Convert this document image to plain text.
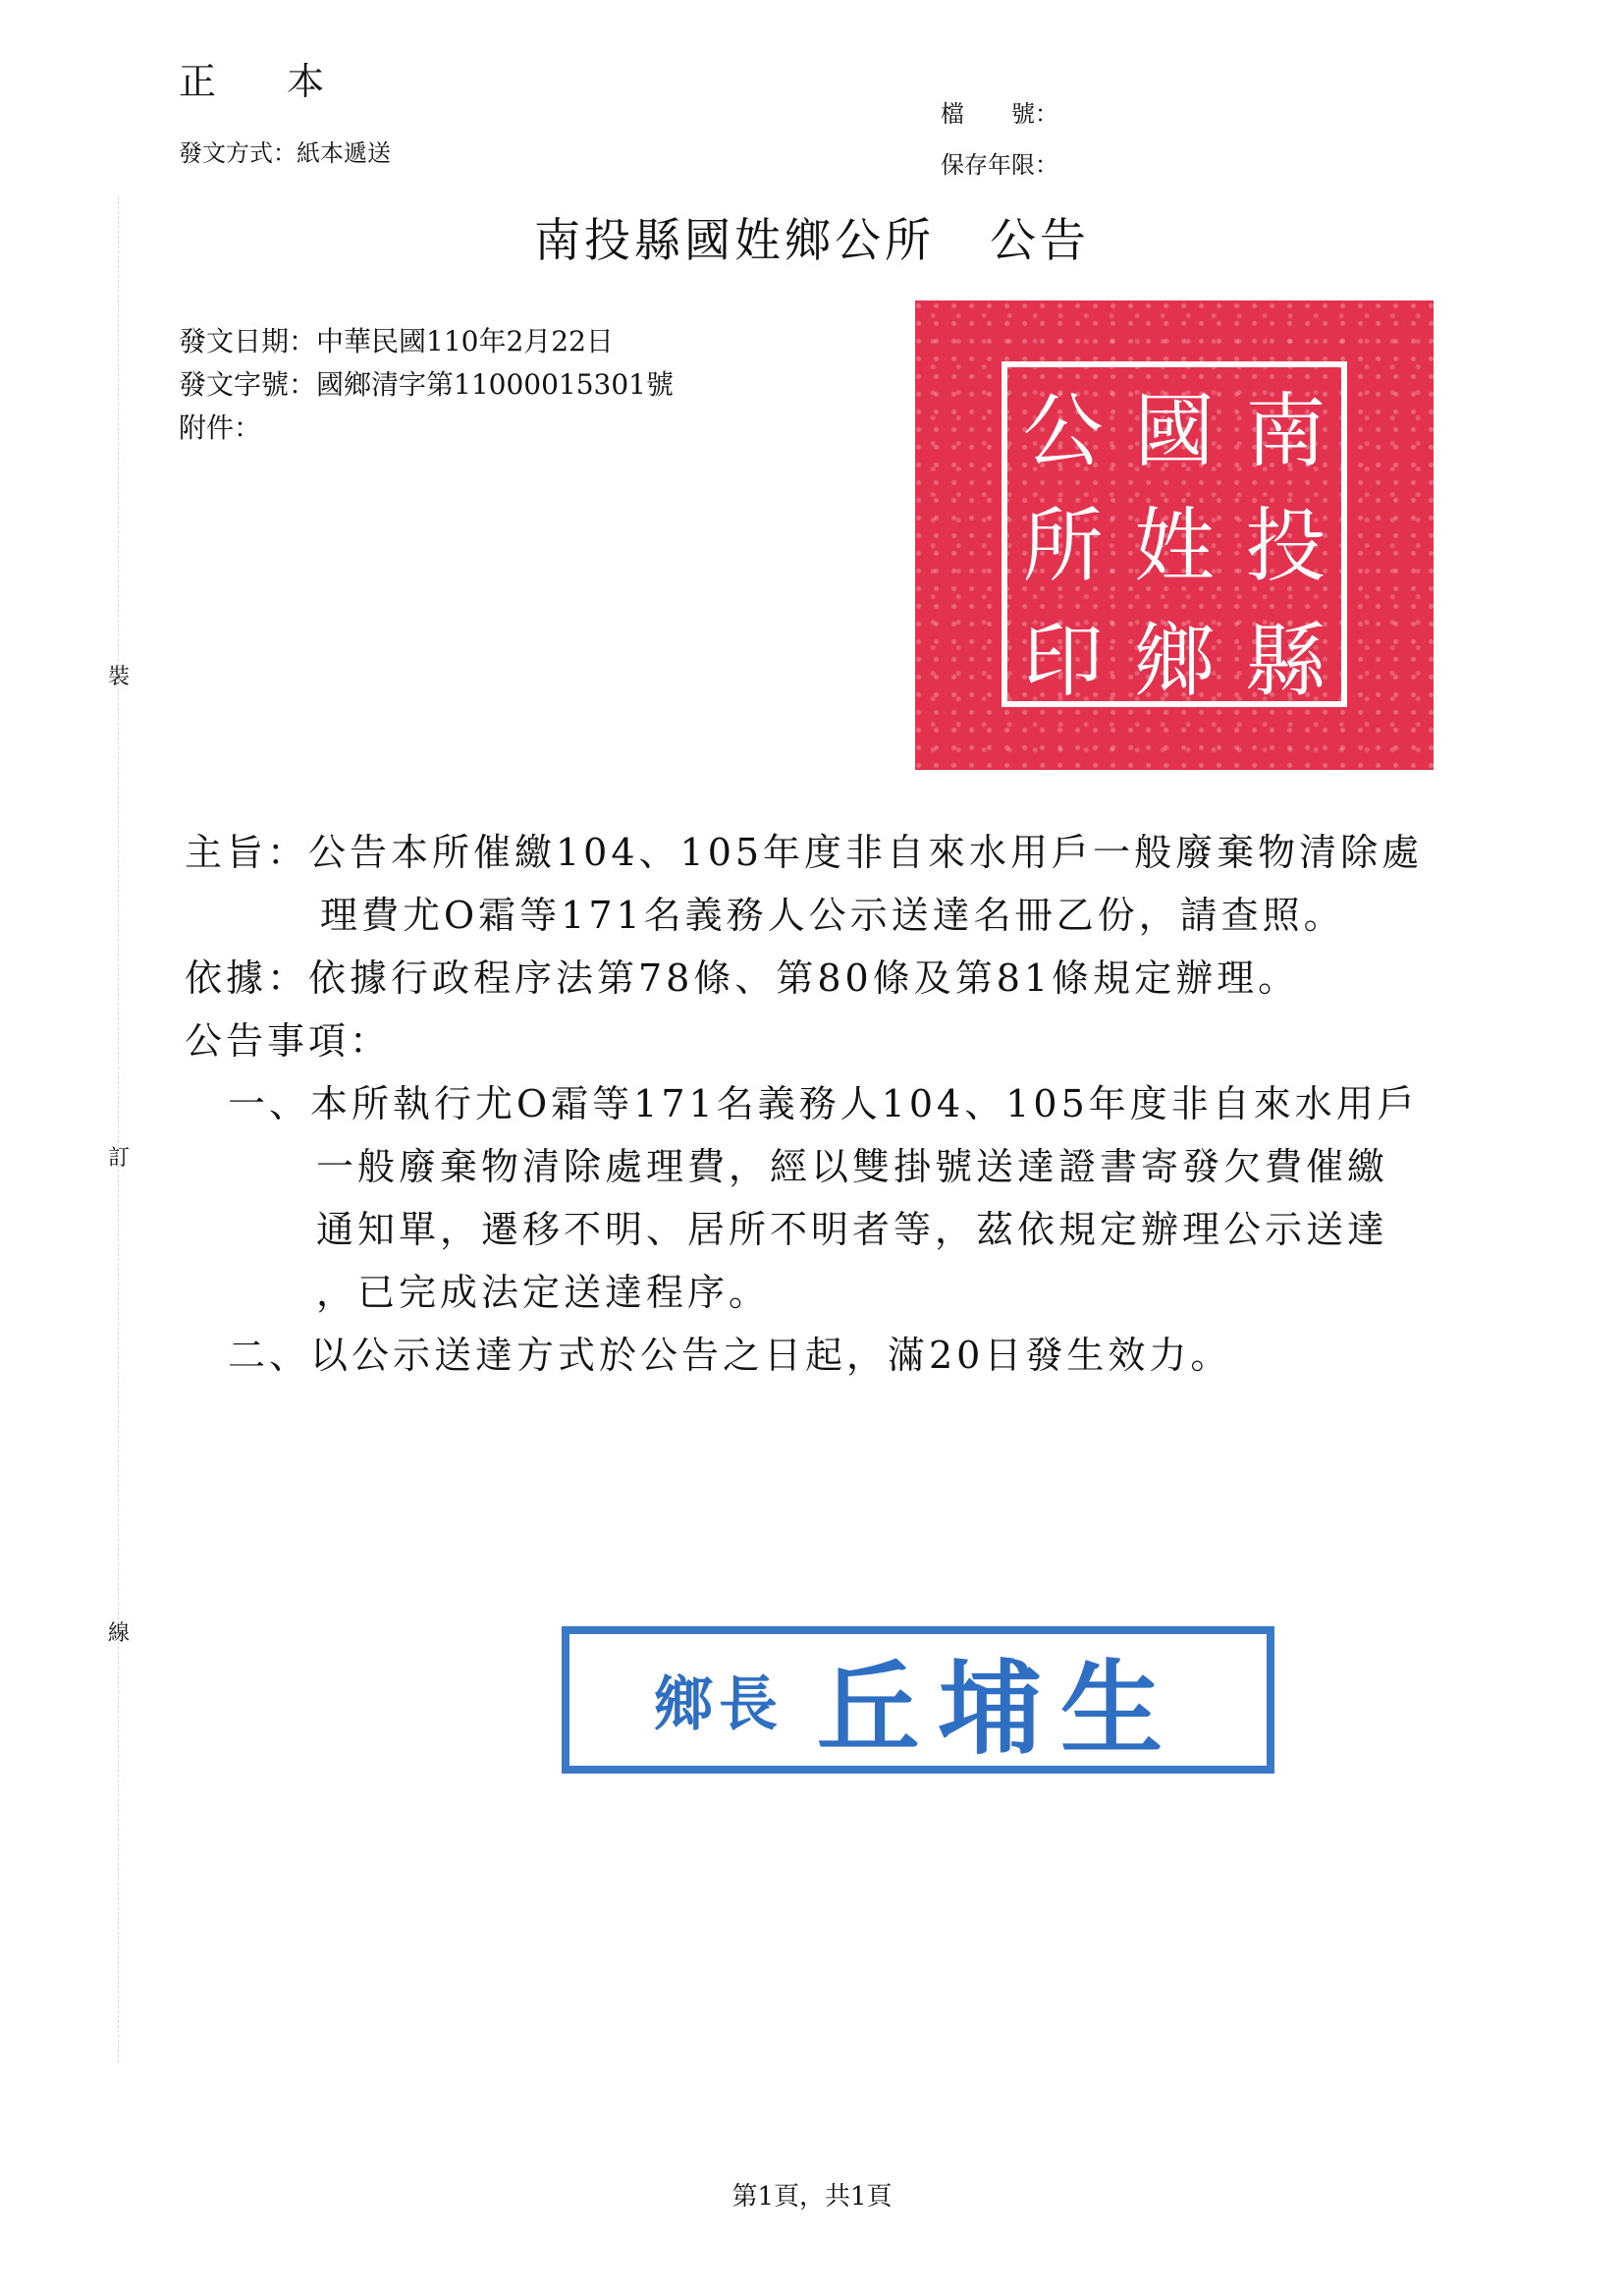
裝
訂
線
正 本
發文方式：紙本遞送
檔　　號：
保存年限：
南投縣國姓鄉公所 公告
發文日期：中華民國110年2月22日
發文字號：國鄉清字第11000015301號
附件：	南
投
縣
國
姓
鄉
公
所
印
主旨：公告本所催繳104、105年度非自來水用戶一般廢棄物清除處
理費尤O霜等171名義務人公示送達名冊乙份，請查照。
依據：依據行政程序法第78條、第80條及第81條規定辦理。
公告事項：
一、本所執行尤O霜等171名義務人104、105年度非自來水用戶
一般廢棄物清除處理費，經以雙掛號送達證書寄發欠費催繳
通知單，遷移不明、居所不明者等，茲依規定辦理公示送達
，已完成法定送達程序。
二、以公示送達方式於公告之日起，滿20日發生效力。
鄉長 丘埔生
第1頁，共1頁
